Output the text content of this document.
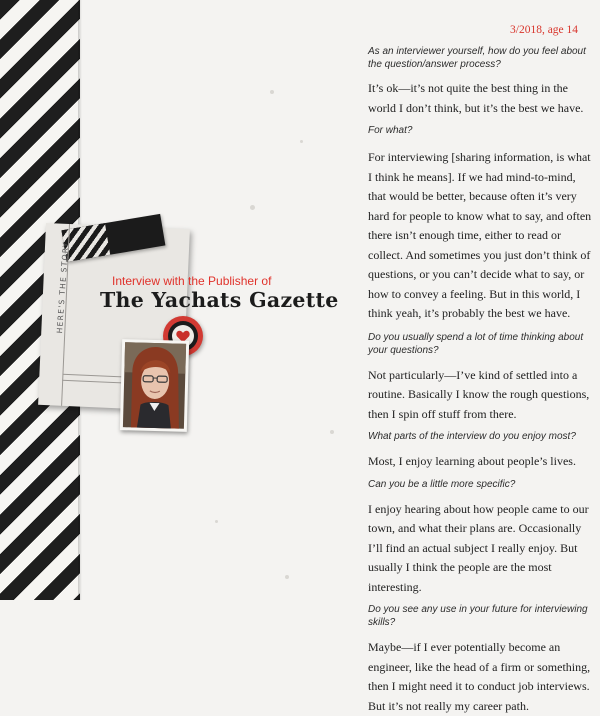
HERE'S THE STORY	Interview with the Publisher of
The Yachats Gazette
3/2018, age 14

As an interviewer yourself, how do you feel about the question/answer process?

It’s ok—it’s not quite the best thing in the world I don’t think, but it’s the best we have.

For what?

For interviewing [sharing information, is what I think he means]. If we had mind-to-mind, that would be better, because often it’s very hard for people to know what to say, and often there isn’t enough time, either to read or collect. And sometimes you just don’t think of questions, or you can’t decide what to say, or how to convey a feeling. But in this world, I think yeah, it’s probably the best we have.

Do you usually spend a lot of time thinking about your questions?

Not particularly—I’ve kind of settled into a routine. Basically I know the rough questions, then I spin off stuff from there.

What parts of the interview do you enjoy most?

Most, I enjoy learning about people’s lives.

Can you be a little more specific?

I enjoy hearing about how people came to our town, and what their plans are. Occasionally I’ll find an actual subject I really enjoy. But usually I think the people are the most interesting.

Do you see any use in your future for interviewing skills?

Maybe—if I ever potentially become an engineer, like the head of a firm or something, then I might need it to conduct job interviews. But it’s not really my career path.
